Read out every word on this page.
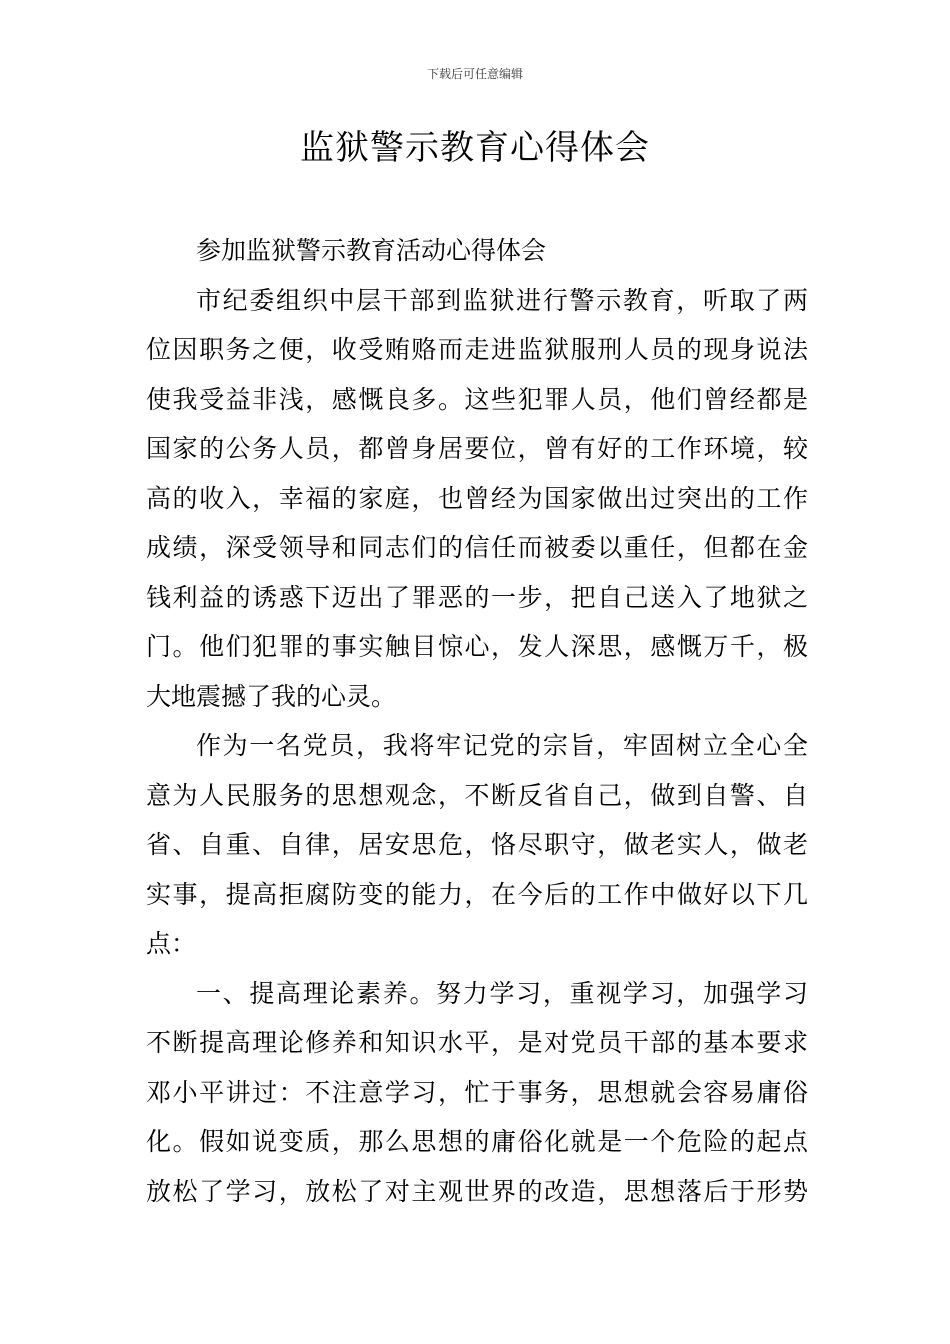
下载后可任意编辑
监狱警示教育心得体会
参加监狱警示教育活动心得体会
市纪委组织中层干部到监狱进行警示教育，听取了两
位因职务之便，收受贿赂而走进监狱服刑人员的现身说法
使我受益非浅，感慨良多。这些犯罪人员，他们曾经都是
国家的公务人员，都曾身居要位，曾有好的工作环境，较
高的收入，幸福的家庭，也曾经为国家做出过突出的工作
成绩，深受领导和同志们的信任而被委以重任，但都在金
钱利益的诱惑下迈出了罪恶的一步，把自己送入了地狱之
门。他们犯罪的事实触目惊心，发人深思，感慨万千，极
大地震撼了我的心灵。
作为一名党员，我将牢记党的宗旨，牢固树立全心全
意为人民服务的思想观念，不断反省自己，做到自警、自
省、自重、自律，居安思危，恪尽职守，做老实人，做老
实事，提高拒腐防变的能力，在今后的工作中做好以下几
点：
一、提高理论素养。努力学习，重视学习，加强学习
不断提高理论修养和知识水平，是对党员干部的基本要求
邓小平讲过：不注意学习，忙于事务，思想就会容易庸俗
化。假如说变质，那么思想的庸俗化就是一个危险的起点
放松了学习，放松了对主观世界的改造，思想落后于形势
